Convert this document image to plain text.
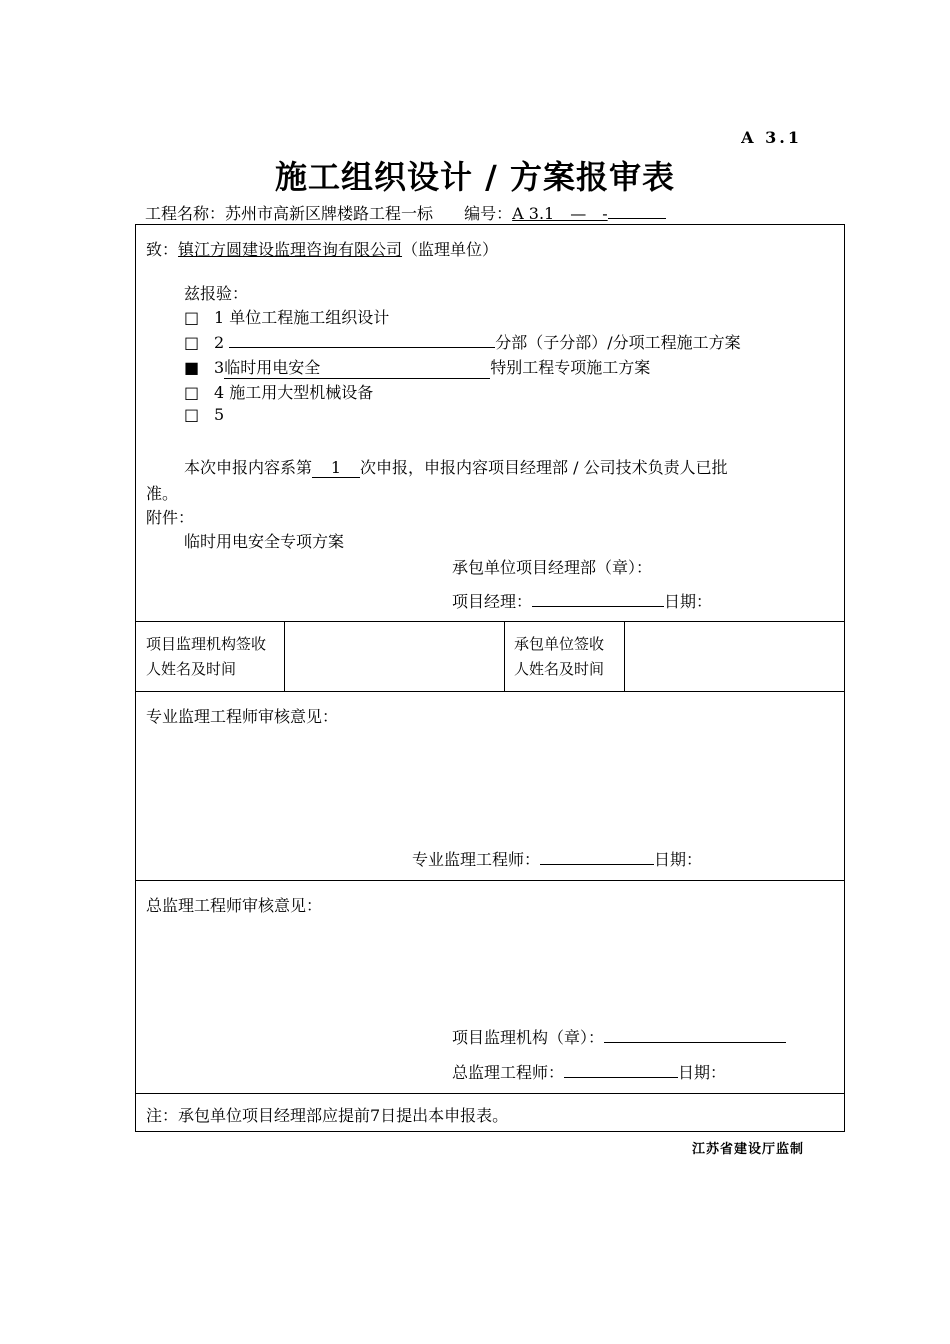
A 3.1
施工组织设计 / 方案报审表
工程名称：苏州市高新区牌楼路工程一标 编号：A 3.1　—　-
致：镇江方圆建设监理咨询有限公司（监理单位）
兹报验：
□ 1 单位工程施工组织设计
□ 2	分部（子分部）/分项工程施工方案
■ 3临时用电安全	特别工程专项施工方案
□ 4 施工用大型机械设备
□ 5
本次申报内容系第 1 次申报，申报内容项目经理部 / 公司技术负责人已批
准。
附件：
临时用电安全专项方案
承包单位项目经理部（章）：
项目经理：	日期：
项目监理机构签收人姓名及时间
承包单位签收人姓名及时间
专业监理工程师审核意见：
专业监理工程师：	日期：
总监理工程师审核意见：
项目监理机构（章）：
总监理工程师：	日期：
注：承包单位项目经理部应提前7日提出本申报表。
江苏省建设厅监制
